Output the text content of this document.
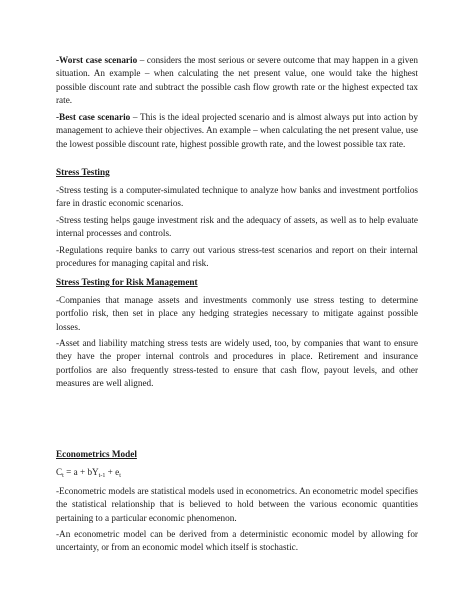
-Worst case scenario – considers the most serious or severe outcome that may happen in a given situation. An example – when calculating the net present value, one would take the highest possible discount rate and subtract the possible cash flow growth rate or the highest expected tax rate.

-Best case scenario – This is the ideal projected scenario and is almost always put into action by management to achieve their objectives. An example – when calculating the net present value, use the lowest possible discount rate, highest possible growth rate, and the lowest possible tax rate.

Stress Testing

-Stress testing is a computer-simulated technique to analyze how banks and investment portfolios fare in drastic economic scenarios.

-Stress testing helps gauge investment risk and the adequacy of assets, as well as to help evaluate internal processes and controls.

-Regulations require banks to carry out various stress-test scenarios and report on their internal procedures for managing capital and risk.

Stress Testing for Risk Management

-Companies that manage assets and investments commonly use stress testing to determine portfolio risk, then set in place any hedging strategies necessary to mitigate against possible losses.

-Asset and liability matching stress tests are widely used, too, by companies that want to ensure they have the proper internal controls and procedures in place. Retirement and insurance portfolios are also frequently stress-tested to ensure that cash flow, payout levels, and other measures are well aligned.

Econometrics Model

$C_t = a + bY_{t-1} + e_t$

-Econometric models are statistical models used in econometrics. An econometric model specifies the statistical relationship that is believed to hold between the various economic quantities pertaining to a particular economic phenomenon.

-An econometric model can be derived from a deterministic economic model by allowing for uncertainty, or from an economic model which itself is stochastic.
